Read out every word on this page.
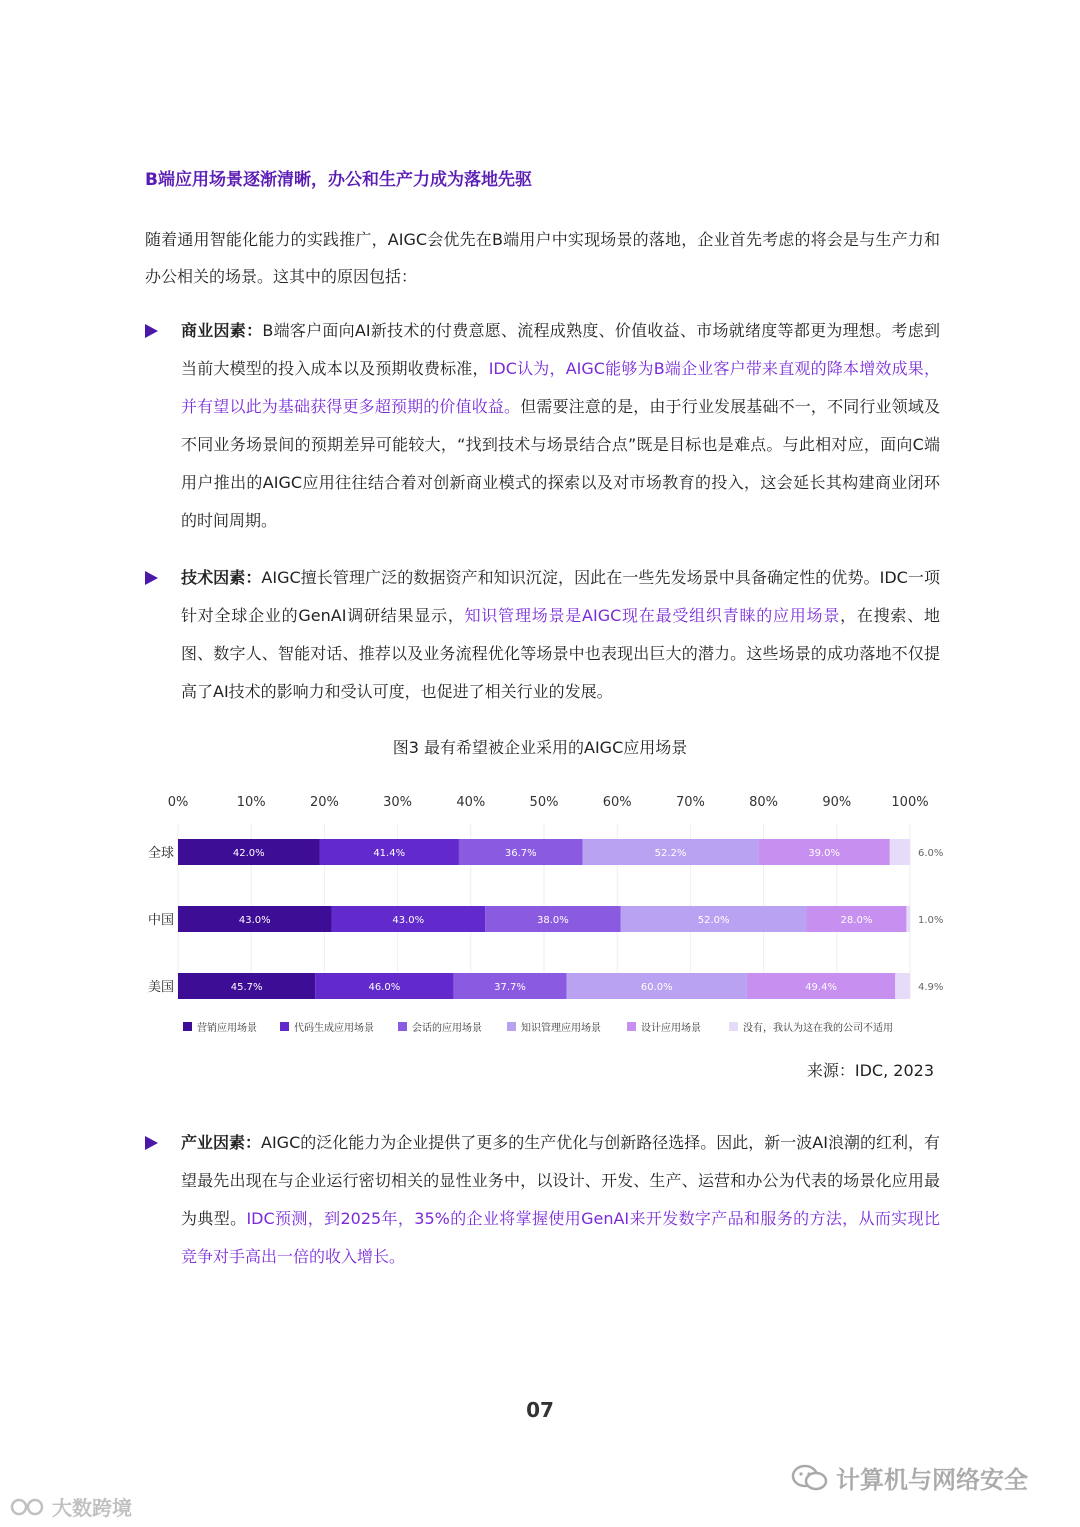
B端应用场景逐渐清晰，办公和生产力成为落地先驱
随着通用智能化能力的实践推广，AIGC会优先在B端用户中实现场景的落地，企业首先考虑的将会是与生产力和办公相关的场景。这其中的原因包括：
商业因素：B端客户面向AI新技术的付费意愿、流程成熟度、价值收益、市场就绪度等都更为理想。考虑到当前大模型的投入成本以及预期收费标准，IDC认为，AIGC能够为B端企业客户带来直观的降本增效成果，并有望以此为基础获得更多超预期的价值收益。但需要注意的是，由于行业发展基础不一，不同行业领域及不同业务场景间的预期差异可能较大，“找到技术与场景结合点”既是目标也是难点。与此相对应，面向C端用户推出的AIGC应用往往结合着对创新商业模式的探索以及对市场教育的投入，这会延长其构建商业闭环的时间周期。
技术因素：AIGC擅长管理广泛的数据资产和知识沉淀，因此在一些先发场景中具备确定性的优势。IDC一项针对全球企业的GenAI调研结果显示，知识管理场景是AIGC现在最受组织青睐的应用场景，在搜索、地图、数字人、智能对话、推荐以及业务流程优化等场景中也表现出巨大的潜力。这些场景的成功落地不仅提高了AI技术的影响力和受认可度，也促进了相关行业的发展。
图3 最有希望被企业采用的AIGC应用场景
0%	10%	20%	30%	40%	50%	60%	70%	80%	90%	100%
全球	42.0%	41.4%	36.7%	52.2%	39.0%	6.0%
中国	43.0%	43.0%	38.0%	52.0%	28.0%	1.0%
美国	45.7%	46.0%	37.7%	60.0%	49.4%	4.9%
营销应用场景	代码生成应用场景	会话的应用场景	知识管理应用场景	设计应用场景	没有，我认为这在我的公司不适用
来源：IDC, 2023
产业因素：AIGC的泛化能力为企业提供了更多的生产优化与创新路径选择。因此，新一波AI浪潮的红利，有望最先出现在与企业运行密切相关的显性业务中，以设计、开发、生产、运营和办公为代表的场景化应用最为典型。IDC预测，到2025年，35%的企业将掌握使用GenAI来开发数字产品和服务的方法，从而实现比竞争对手高出一倍的收入增长。
07
计算机与网络安全
大数跨境
